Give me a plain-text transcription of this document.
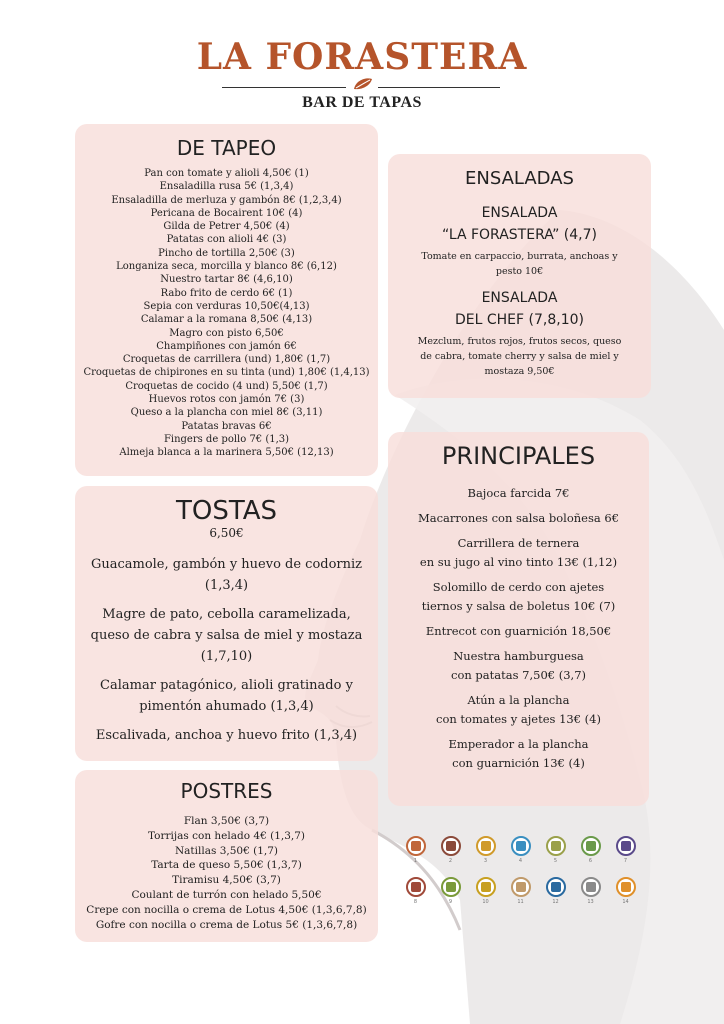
LA FORASTERA
BAR DE TAPAS
DE TAPEO
Pan con tomate y alioli 4,50€ (1)
Ensaladilla rusa 5€ (1,3,4)
Ensaladilla de merluza y gambón 8€ (1,2,3,4)
Pericana de Bocairent 10€ (4)
Gilda de Petrer 4,50€ (4)
Patatas con alioli 4€ (3)
Pincho de tortilla 2,50€ (3)
Longaniza seca, morcilla y blanco 8€ (6,12)
Nuestro tartar 8€ (4,6,10)
Rabo frito de cerdo 6€ (1)
Sepia con verduras 10,50€(4,13)
Calamar a la romana 8,50€ (4,13)
Magro con pisto 6,50€
Champiñones con jamón 6€
Croquetas de carrillera (und) 1,80€ (1,7)
Croquetas de chipirones en su tinta (und) 1,80€ (1,4,13)
Croquetas de cocido (4 und) 5,50€ (1,7)
Huevos rotos con jamón 7€ (3)
Queso a la plancha con miel 8€ (3,11)
Patatas bravas 6€
Fingers de pollo 7€ (1,3)
Almeja blanca a la marinera 5,50€ (12,13)
TOSTAS
6,50€
Guacamole, gambón y huevo de codorniz
(1,3,4)
Magre de pato, cebolla caramelizada,
queso de cabra y salsa de miel y mostaza
(1,7,10)
Calamar patagónico, alioli gratinado y
pimentón ahumado (1,3,4)
Escalivada, anchoa y huevo frito (1,3,4)
POSTRES
Flan 3,50€ (3,7)
Torrijas con helado 4€ (1,3,7)
Natillas 3,50€ (1,7)
Tarta de queso 5,50€ (1,3,7)
Tiramisu 4,50€ (3,7)
Coulant de turrón con helado 5,50€
Crepe con nocilla o crema de Lotus 4,50€ (1,3,6,7,8)
Gofre con nocilla o crema de Lotus 5€ (1,3,6,7,8)
ENSALADAS
ENSALADA
“LA FORASTERA” (4,7)
Tomate en carpaccio, burrata, anchoas y
pesto 10€
ENSALADA
DEL CHEF (7,8,10)
Mezclum, frutos rojos, frutos secos, queso
de cabra, tomate cherry y salsa de miel y
mostaza 9,50€
PRINCIPALES
Bajoca farcida 7€
Macarrones con salsa boloñesa 6€
Carrillera de ternera
en su jugo al vino tinto 13€ (1,12)
Solomillo de cerdo con ajetes
tiernos y salsa de boletus 10€ (7)
Entrecot con guarnición 18,50€
Nuestra hamburguesa
con patatas 7,50€ (3,7)
Atún a la plancha
con tomates y ajetes 13€ (4)
Emperador a la plancha
con guarnición 13€ (4)
1	2	3	4	5	6	7
8	9	10	11	12	13	14
